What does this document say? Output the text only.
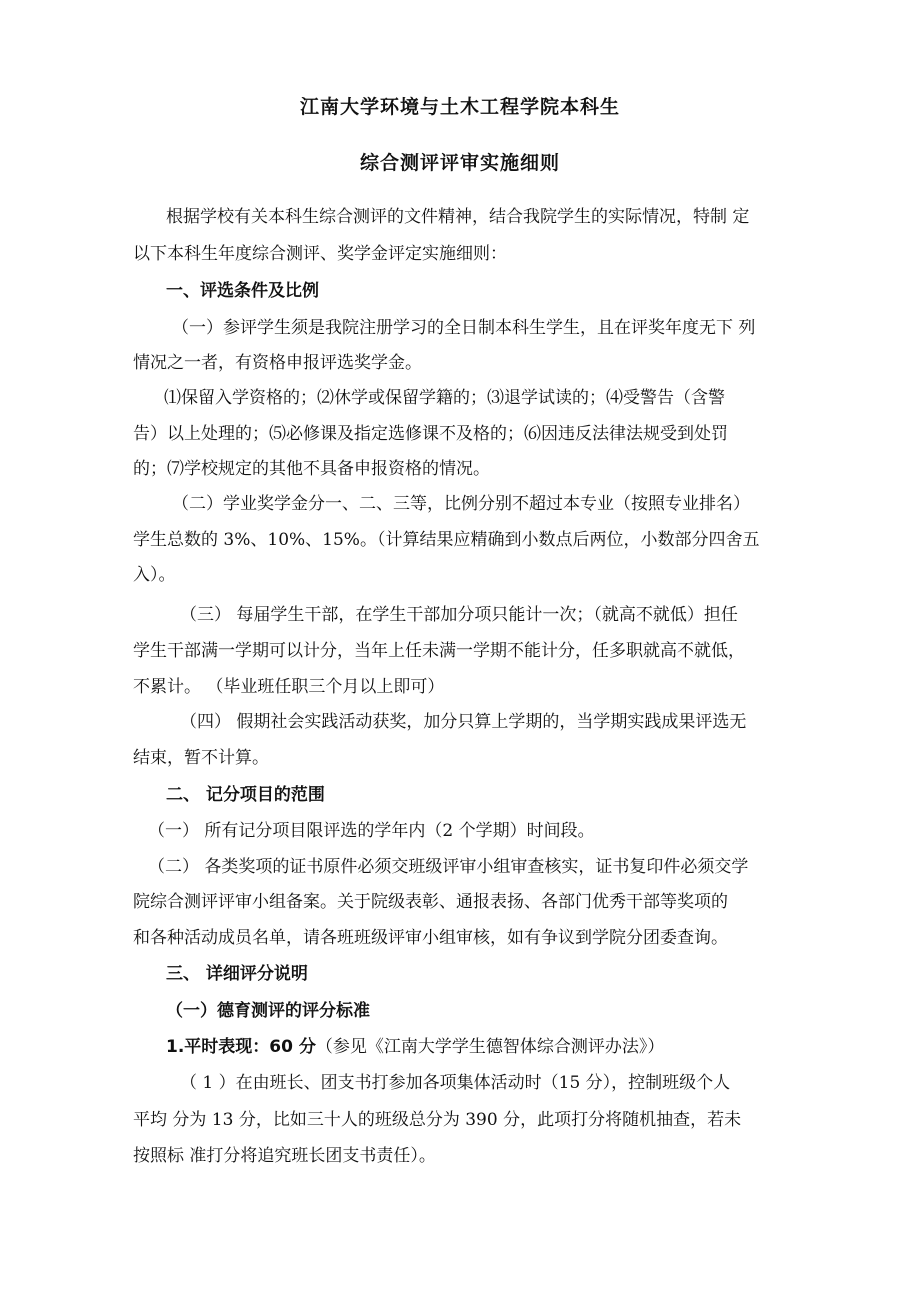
江南大学环境与土木工程学院本科生
综合测评评审实施细则
根据学校有关本科生综合测评的文件精神，结合我院学生的实际情况，特制 定
以下本科生年度综合测评、奖学金评定实施细则：
一、评选条件及比例
（一）参评学生须是我院注册学习的全日制本科生学生，且在评奖年度无下 列
情况之一者，有资格申报评选奖学金。
⑴保留入学资格的；⑵休学或保留学籍的；⑶退学试读的；⑷受警告（含警
告）以上处理的；⑸必修课及指定选修课不及格的；⑹因违反法律法规受到处罚
的；⑺学校规定的其他不具备申报资格的情况。
（二）学业奖学金分一、二、三等，比例分别不超过本专业（按照专业排名）
学生总数的 3%、10%、15%。（计算结果应精确到小数点后两位，小数部分四舍五
入）。
（三） 每届学生干部，在学生干部加分项只能计一次；（就高不就低）担任
学生干部满一学期可以计分，当年上任未满一学期不能计分，任多职就高不就低，
不累计。 （毕业班任职三个月以上即可）
（四） 假期社会实践活动获奖，加分只算上学期的，当学期实践成果评选无
结束，暂不计算。
二、 记分项目的范围
（一） 所有记分项目限评选的学年内（2 个学期）时间段。
（二） 各类奖项的证书原件必须交班级评审小组审查核实，证书复印件必须交学
院综合测评评审小组备案。关于院级表彰、通报表扬、各部门优秀干部等奖项的
和各种活动成员名单，请各班班级评审小组审核，如有争议到学院分团委查询。
三、 详细评分说明
（一）德育测评的评分标准
1.平时表现：60 分（参见《江南大学学生德智体综合测评办法》）
（ 1 ）在由班长、团支书打参加各项集体活动时（15 分），控制班级个人
平均 分为 13 分，比如三十人的班级总分为 390 分，此项打分将随机抽查，若未
按照标 准打分将追究班长团支书责任）。
